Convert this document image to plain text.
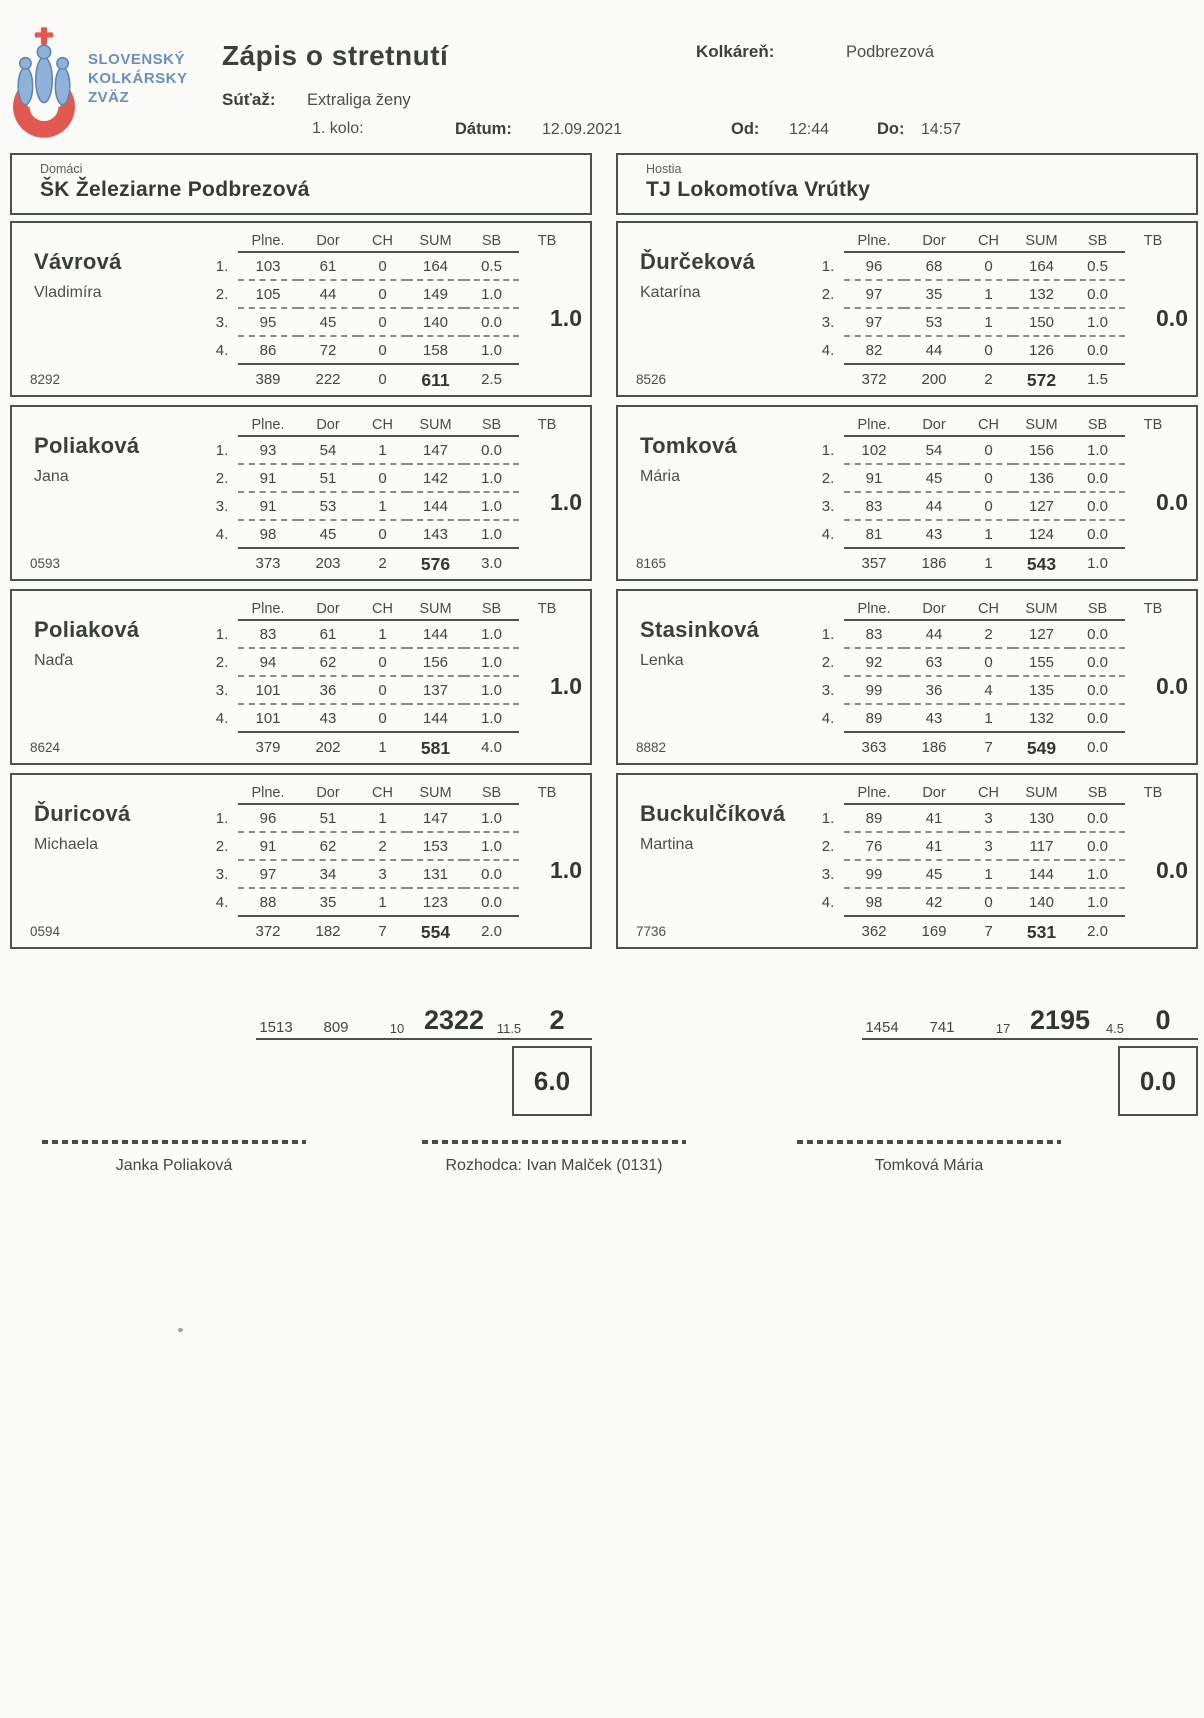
SLOVENSKÝ
KOLKÁRSKY
ZVÄZ
Zápis o stretnutí
Súťaž: Extraliga ženy
1. kolo:
Kolkáreň:	Podbrezová
Dátum: 12.09.2021	Od: 12:44	Do: 14:57
Domáci
ŠK Železiarne Podbrezová
Vávrová
Vladimíra
8292
TB
1.0
Plne.	Dor	CH	SUM	SB
1.	103	61	0	164	0.5
2.	105	44	0	149	1.0
3.	95	45	0	140	0.0
4.	86	72	0	158	1.0
389	222	0	611	2.5
Poliaková
Jana
0593
TB
1.0
Plne.	Dor	CH	SUM	SB
1.	93	54	1	147	0.0
2.	91	51	0	142	1.0
3.	91	53	1	144	1.0
4.	98	45	0	143	1.0
373	203	2	576	3.0
Poliaková
Naďa
8624
TB
1.0
Plne.	Dor	CH	SUM	SB
1.	83	61	1	144	1.0
2.	94	62	0	156	1.0
3.	101	36	0	137	1.0
4.	101	43	0	144	1.0
379	202	1	581	4.0
Ďuricová
Michaela
0594
TB
1.0
Plne.	Dor	CH	SUM	SB
1.	96	51	1	147	1.0
2.	91	62	2	153	1.0
3.	97	34	3	131	0.0
4.	88	35	1	123	0.0
372	182	7	554	2.0
1513 809	10 2322 11.5 2
6.0
Hostia
TJ Lokomotíva Vrútky
Ďurčeková
Katarína
8526
TB
0.0
Plne.	Dor	CH	SUM	SB
1.	96	68	0	164	0.5
2.	97	35	1	132	0.0
3.	97	53	1	150	1.0
4.	82	44	0	126	0.0
372	200	2	572	1.5
Tomková
Mária
8165
TB
0.0
Plne.	Dor	CH	SUM	SB
1.	102	54	0	156	1.0
2.	91	45	0	136	0.0
3.	83	44	0	127	0.0
4.	81	43	1	124	0.0
357	186	1	543	1.0
Stasinková
Lenka
8882
TB
0.0
Plne.	Dor	CH	SUM	SB
1.	83	44	2	127	0.0
2.	92	63	0	155	0.0
3.	99	36	4	135	0.0
4.	89	43	1	132	0.0
363	186	7	549	0.0
Buckulčíková
Martina
7736
TB
0.0
Plne.	Dor	CH	SUM	SB
1.	89	41	3	130	0.0
2.	76	41	3	117	0.0
3.	99	45	1	144	1.0
4.	98	42	0	140	1.0
362	169	7	531	2.0
1454 741	17 2195 4.5 0
0.0
Janka Poliaková	Rozhodca: Ivan Malček (0131)	Tomková Mária
